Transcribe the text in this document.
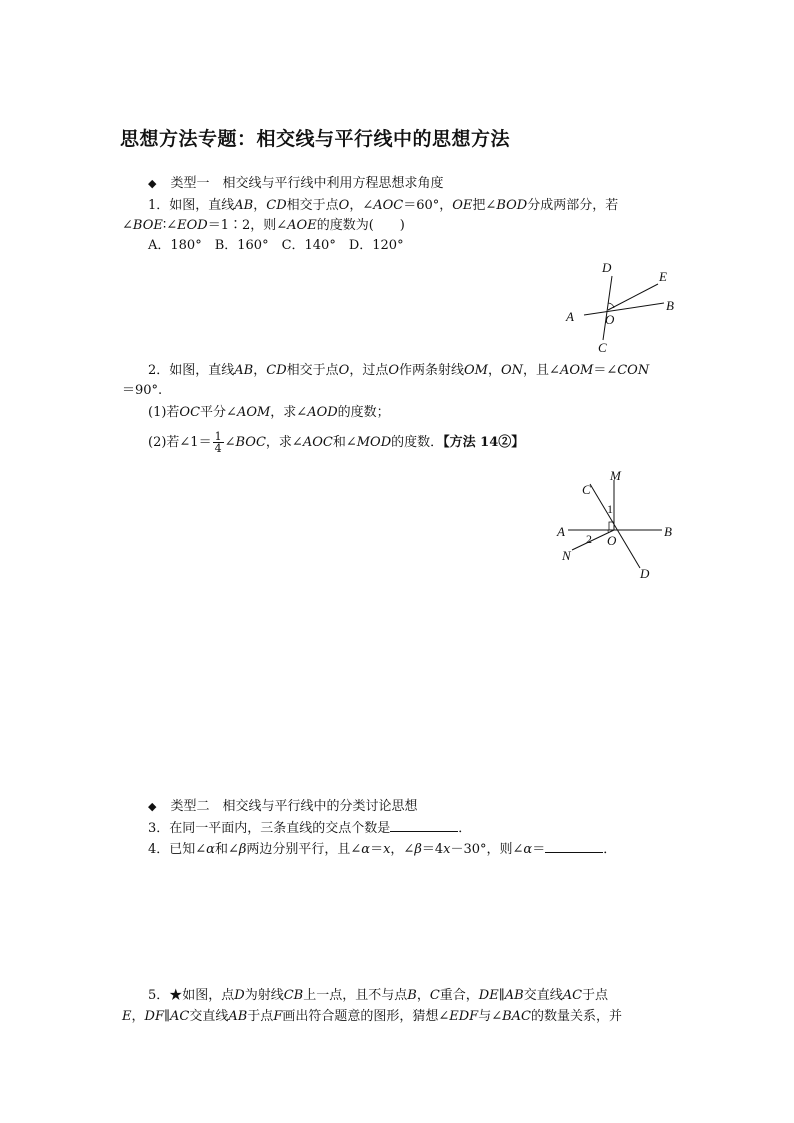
思想方法专题：相交线与平行线中的思想方法
◆ 类型一　相交线与平行线中利用方程思想求角度
1．如图，直线AB，CD相交于点O，∠AOC＝60°，OE把∠BOD分成两部分，若
∠BOE∶∠EOD＝1∶2，则∠AOE的度数为(　　)
A．180°　B．160°　C．140°　D．120°
D
E
B
A O
C
2．如图，直线AB，CD相交于点O，过点O作两条射线OM，ON，且∠AOM＝∠CON
＝90°.
(1)若OC平分∠AOM，求∠AOD的度数；
(2)若∠1＝ $\frac{1}{4}$ ∠BOC，求∠AOC和∠MOD的度数．【方法 14②】
M
C
1
2
A	B
N
O
D
◆ 类型二　相交线与平行线中的分类讨论思想
3．在同一平面内，三条直线的交点个数是	．
4．已知∠α和∠β两边分别平行，且∠α＝x，∠β＝4x－30°，则∠α＝	．
5．★如图，点D为射线CB上一点，且不与点B，C重合，DE∥AB交直线AC于点
E，DF∥AC交直线AB于点F画出符合题意的图形，猜想∠EDF与∠BAC的数量关系，并
